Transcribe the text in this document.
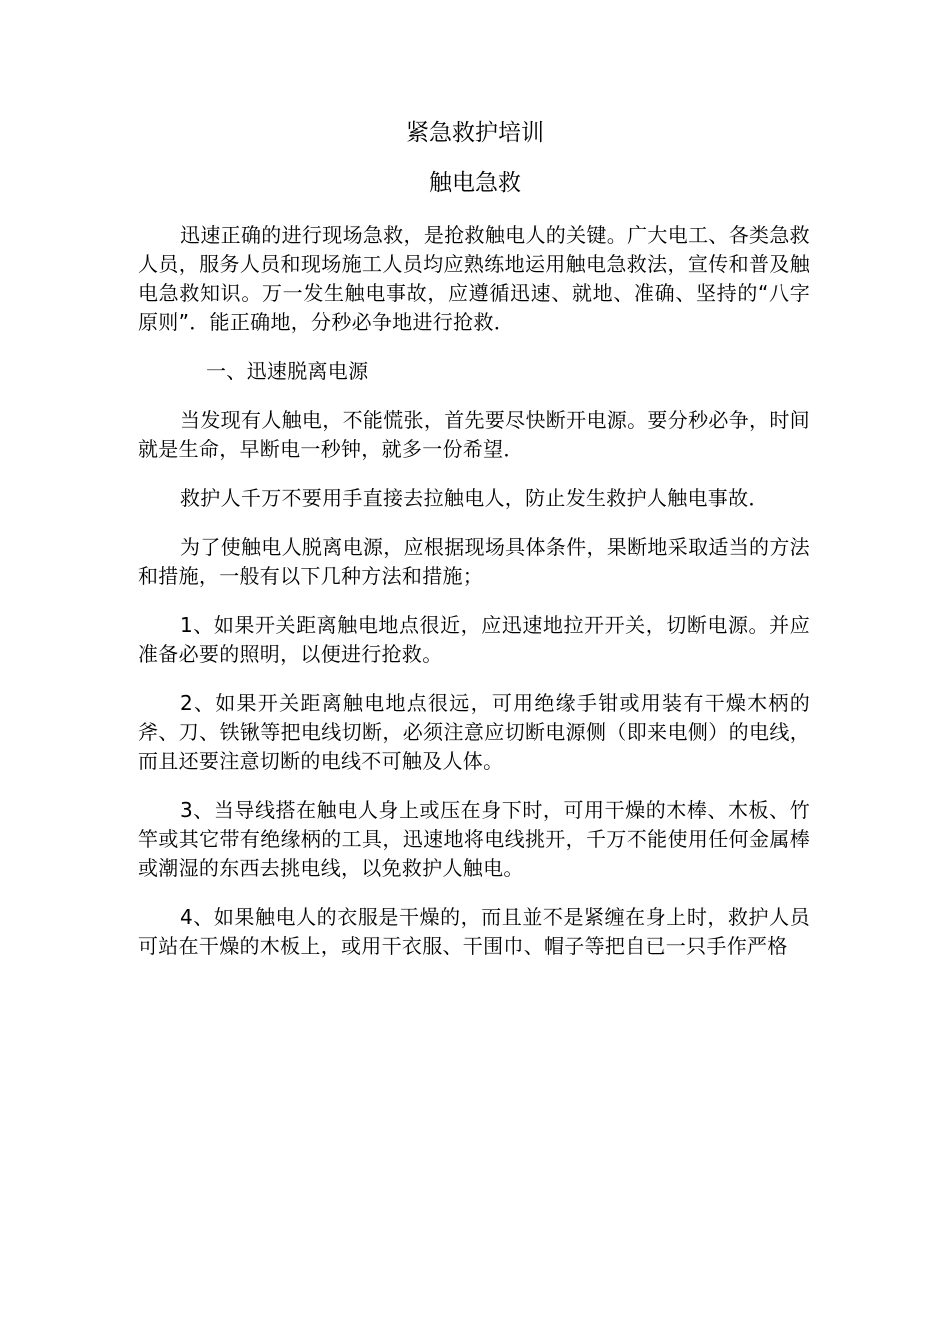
紧急救护培训
触电急救

迅速正确的进行现场急救，是抢救触电人的关键。广大电工、各类急救人员，服务人员和现场施工人员均应熟练地运用触电急救法，宣传和普及触电急救知识。万一发生触电事故，应遵循迅速、就地、准确、坚持的“八字原则”．能正确地，分秒必争地进行抢救．

一、迅速脱离电源

当发现有人触电，不能慌张，首先要尽快断开电源。要分秒必争，时间就是生命，早断电一秒钟，就多一份希望．

救护人千万不要用手直接去拉触电人，防止发生救护人触电事故．

为了使触电人脱离电源，应根据现场具体条件，果断地采取适当的方法和措施，一般有以下几种方法和措施；

1、如果开关距离触电地点很近，应迅速地拉开开关，切断电源。并应准备必要的照明，以便进行抢救。

2、如果开关距离触电地点很远，可用绝缘手钳或用装有干燥木柄的斧、刀、铁锹等把电线切断，必须注意应切断电源侧（即来电侧）的电线，而且还要注意切断的电线不可触及人体。

3、当导线搭在触电人身上或压在身下时，可用干燥的木棒、木板、竹竿或其它带有绝缘柄的工具，迅速地将电线挑开，千万不能使用任何金属棒或潮湿的东西去挑电线，以免救护人触电。

4、如果触电人的衣服是干燥的，而且並不是紧缠在身上时，救护人员可站在干燥的木板上，或用干衣服、干围巾、帽子等把自已一只手作严格
